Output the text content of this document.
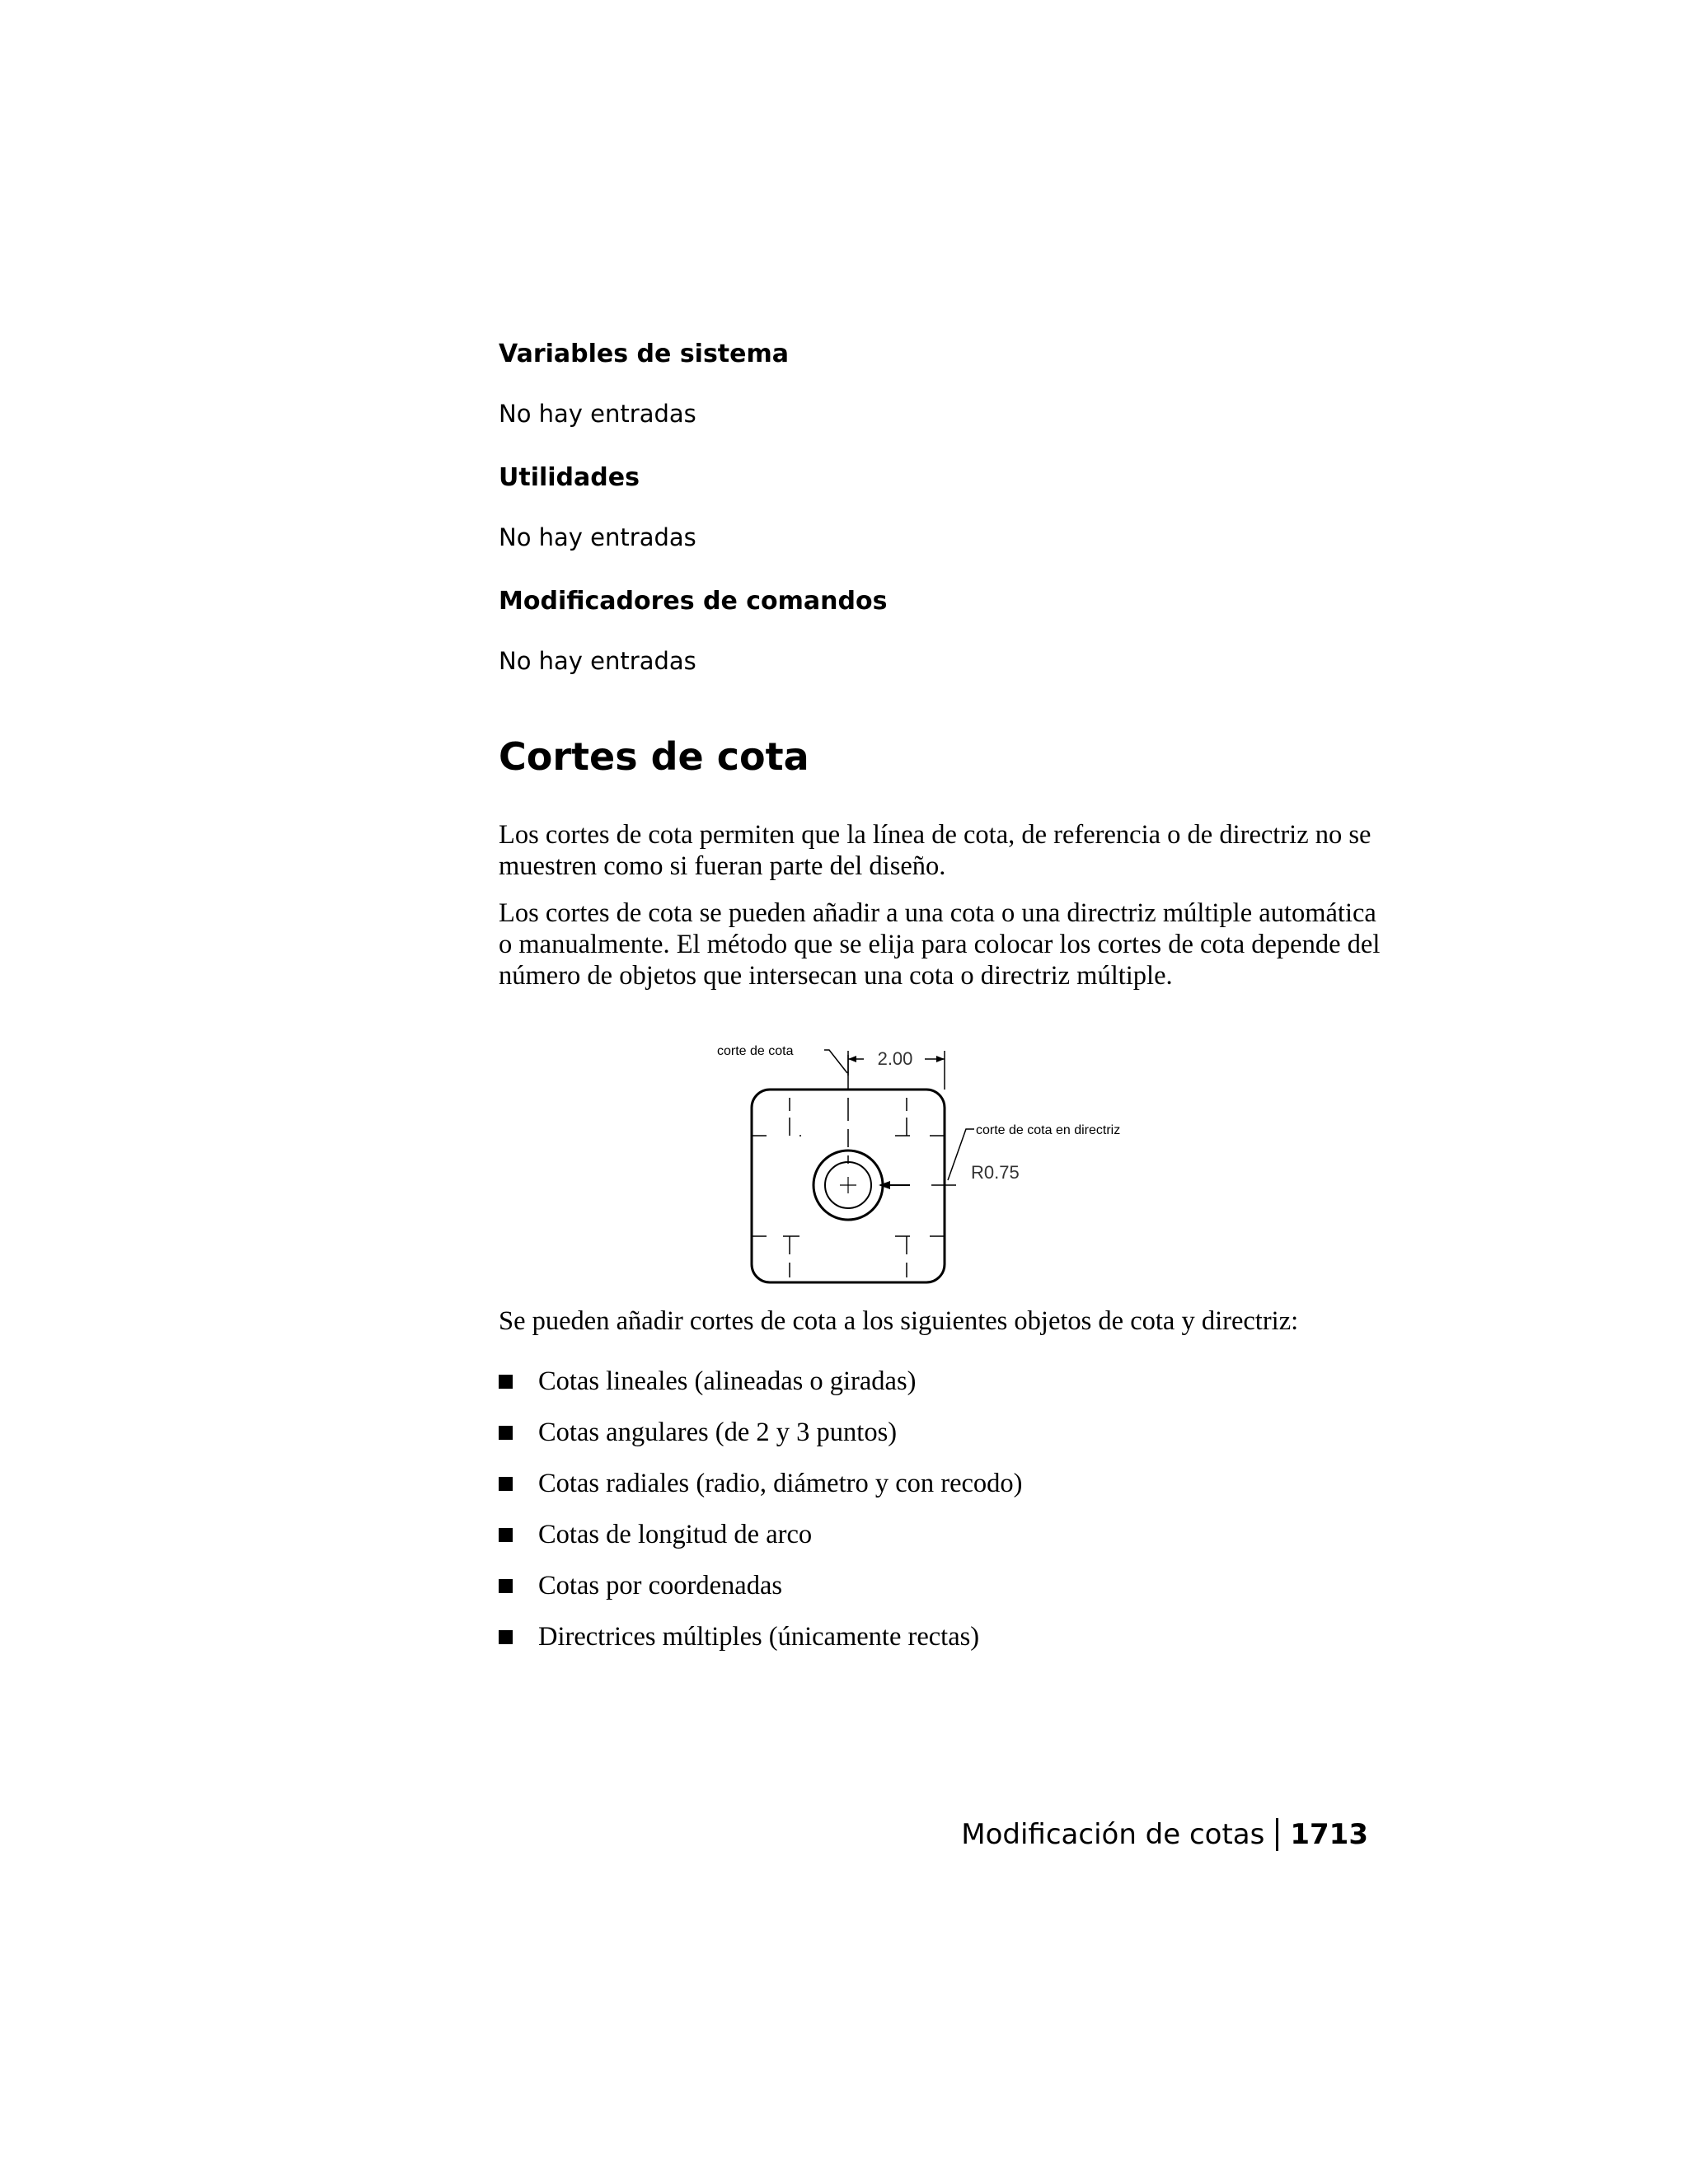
Variables de sistema

No hay entradas

Utilidades

No hay entradas

Modificadores de comandos

No hay entradas

Cortes de cota

Los cortes de cota permiten que la línea de cota, de referencia o de directriz no se muestren como si fueran parte del diseño.

Los cortes de cota se pueden añadir a una cota o una directriz múltiple automática o manualmente. El método que se elija para colocar los cortes de cota depende del número de objetos que intersecan una cota o directriz múltiple.

corte de cota	2.00
corte de cota en directriz
R0.75

Se pueden añadir cortes de cota a los siguientes objetos de cota y directriz:

Cotas lineales (alineadas o giradas)
Cotas angulares (de 2 y 3 puntos)
Cotas radiales (radio, diámetro y con recodo)
Cotas de longitud de arco
Cotas por coordenadas
Directrices múltiples (únicamente rectas)
Modificación de cotas 1713
